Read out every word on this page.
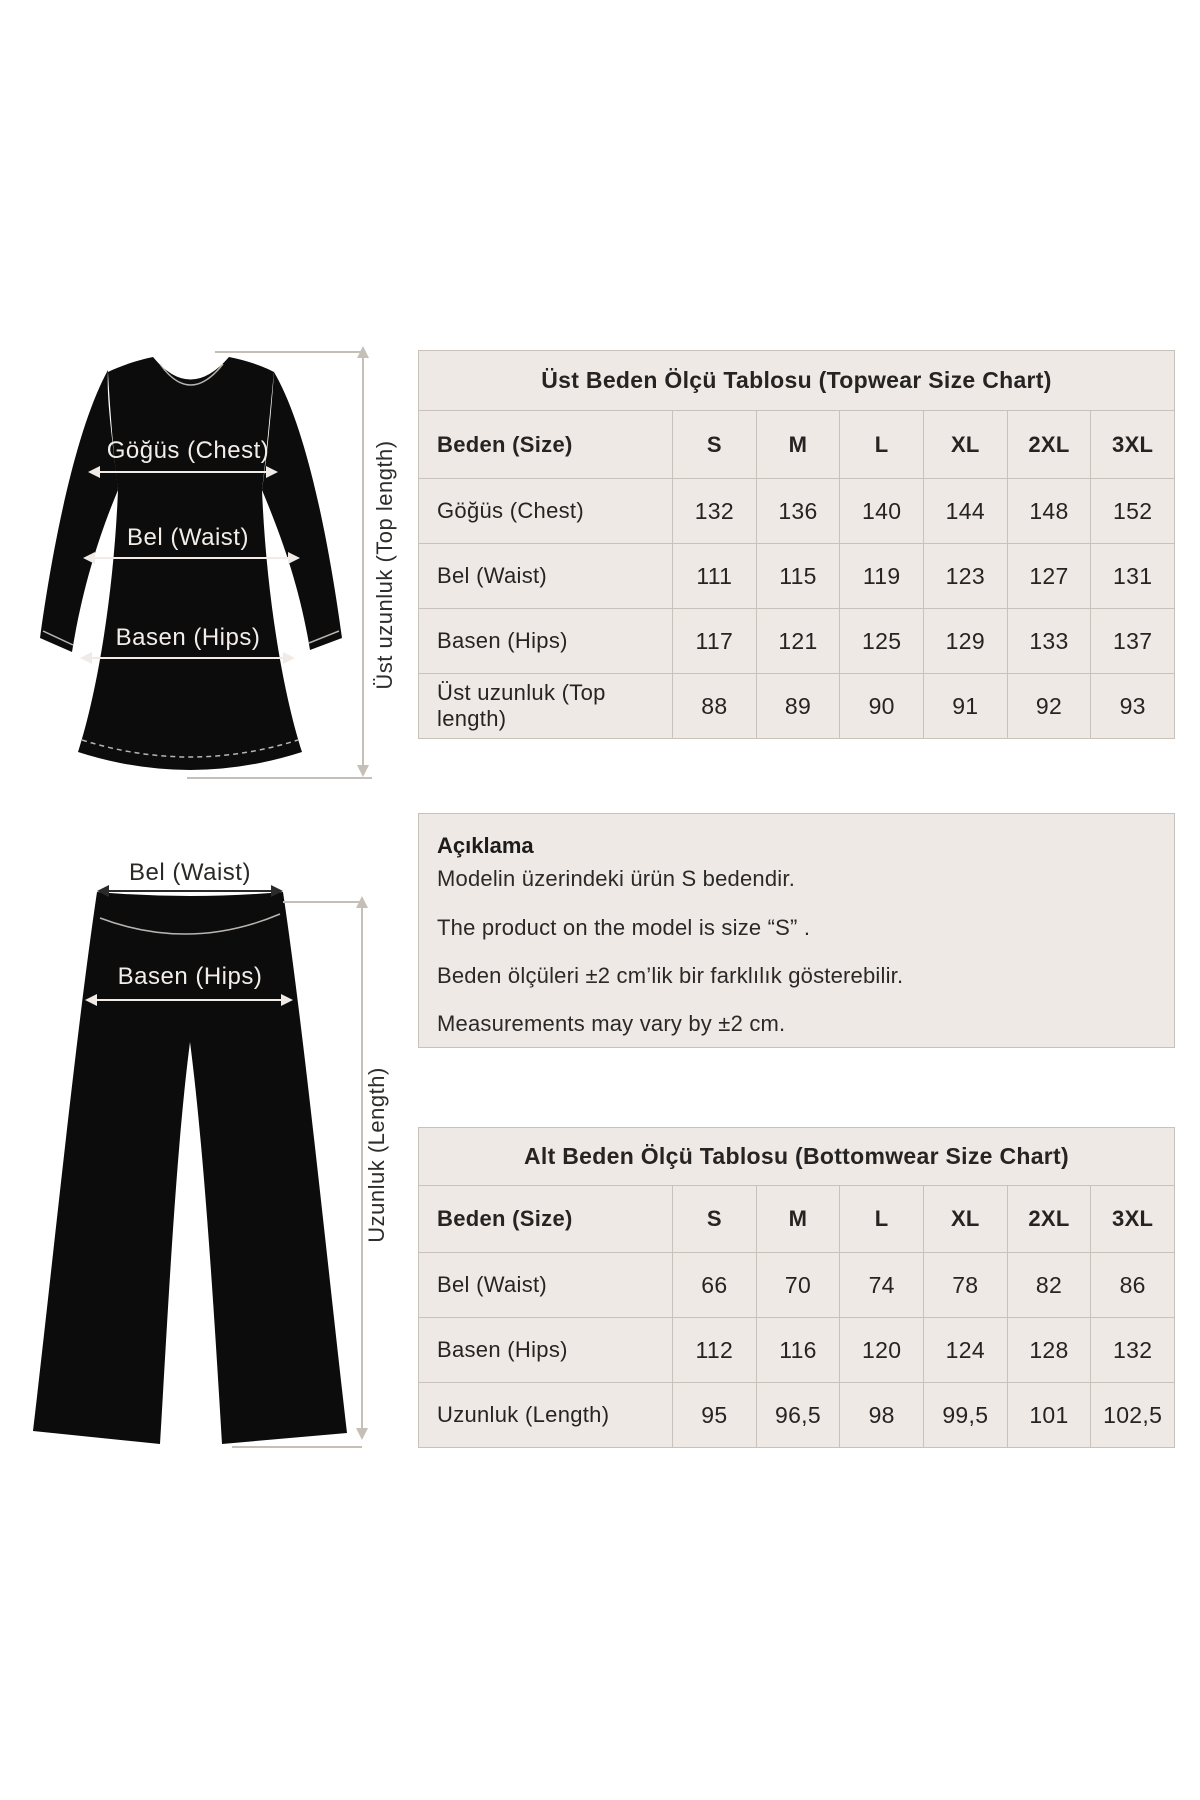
Göğüs (Chest)
Bel (Waist)
Basen (Hips)	Üst uzunluk (Top length)
Bel (Waist)
Basen (Hips)
Uzunluk (Length)
Üst Beden Ölçü Tablosu (Topwear Size Chart)
Beden (Size)	S	M	L	XL	2XL	3XL
Göğüs (Chest)	132	136	140	144	148	152
Bel (Waist)	111	115	119	123	127	131
Basen (Hips)	117	121	125	129	133	137
Üst uzunluk (Top length)	88	89	90	91	92	93
Açıklama
Modelin üzerindeki ürün S bedendir.
The product on the model is size “S” .
Beden ölçüleri ±2 cm’lik bir farklılık gösterebilir.
Measurements may vary by ±2 cm.
Alt Beden Ölçü Tablosu (Bottomwear Size Chart)
Beden (Size)	S	M	L	XL	2XL	3XL
Bel (Waist)	66	70	74	78	82	86
Basen (Hips)	112	116	120	124	128	132
Uzunluk (Length)	95	96,5	98	99,5	101	102,5
